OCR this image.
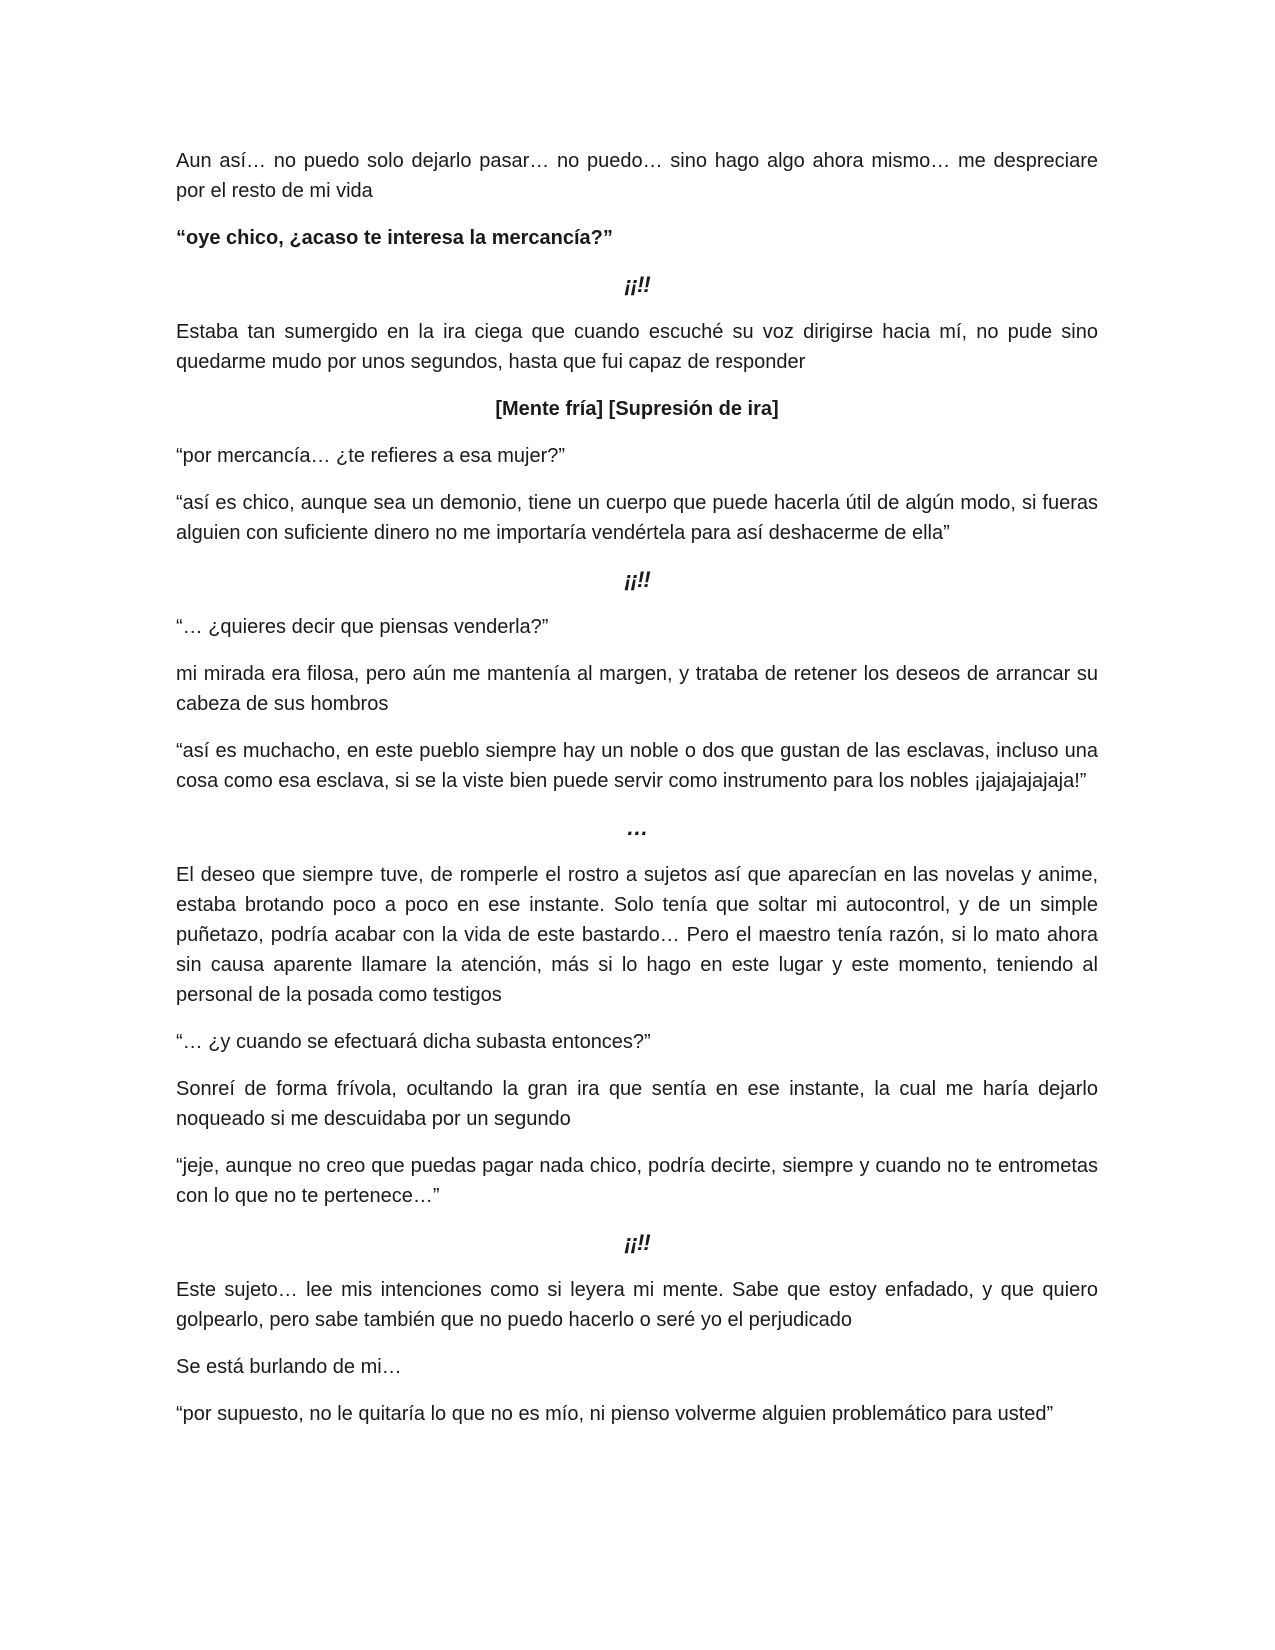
Aun así… no puedo solo dejarlo pasar… no puedo… sino hago algo ahora mismo… me despreciare por el resto de mi vida

“oye chico, ¿acaso te interesa la mercancía?”

¡¡!!

Estaba tan sumergido en la ira ciega que cuando escuché su voz dirigirse hacia mí, no pude sino quedarme mudo por unos segundos, hasta que fui capaz de responder

[Mente fría] [Supresión de ira]

“por mercancía… ¿te refieres a esa mujer?”

“así es chico, aunque sea un demonio, tiene un cuerpo que puede hacerla útil de algún modo, si fueras alguien con suficiente dinero no me importaría vendértela para así deshacerme de ella”

¡¡!!

“… ¿quieres decir que piensas venderla?”

mi mirada era filosa, pero aún me mantenía al margen, y trataba de retener los deseos de arrancar su cabeza de sus hombros

“así es muchacho, en este pueblo siempre hay un noble o dos que gustan de las esclavas, incluso una cosa como esa esclava, si se la viste bien puede servir como instrumento para los nobles ¡jajajajajaja!”

…

El deseo que siempre tuve, de romperle el rostro a sujetos así que aparecían en las novelas y anime, estaba brotando poco a poco en ese instante. Solo tenía que soltar mi autocontrol, y de un simple puñetazo, podría acabar con la vida de este bastardo… Pero el maestro tenía razón, si lo mato ahora sin causa aparente llamare la atención, más si lo hago en este lugar y este momento, teniendo al personal de la posada como testigos

“… ¿y cuando se efectuará dicha subasta entonces?”

Sonreí de forma frívola, ocultando la gran ira que sentía en ese instante, la cual me haría dejarlo noqueado si me descuidaba por un segundo

“jeje, aunque no creo que puedas pagar nada chico, podría decirte, siempre y cuando no te entrometas con lo que no te pertenece…”

¡¡!!

Este sujeto… lee mis intenciones como si leyera mi mente. Sabe que estoy enfadado, y que quiero golpearlo, pero sabe también que no puedo hacerlo o seré yo el perjudicado

Se está burlando de mi…

“por supuesto, no le quitaría lo que no es mío, ni pienso volverme alguien problemático para usted”
